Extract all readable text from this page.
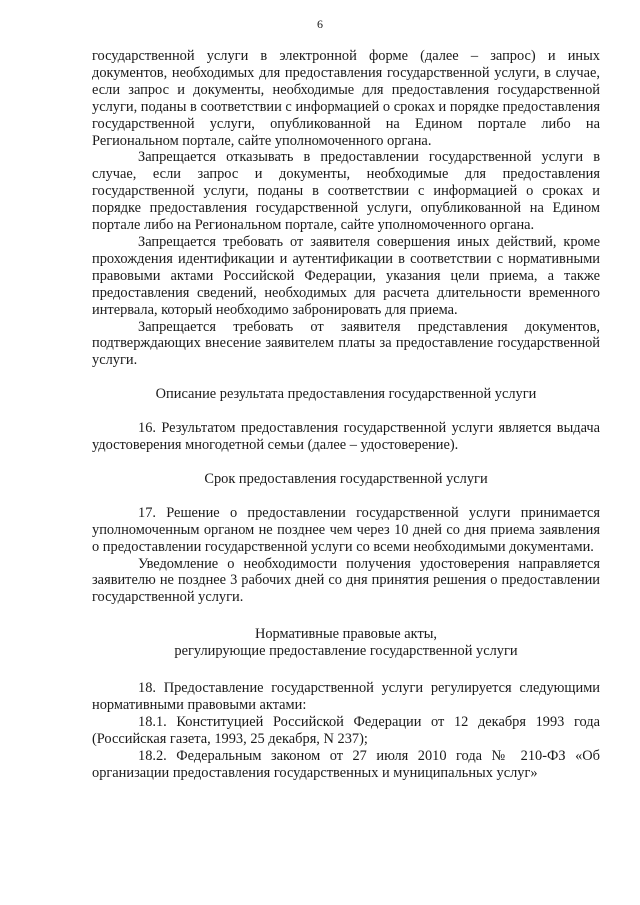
6

государственной услуги в электронной форме (далее – запрос) и иных документов, необходимых для предоставления государственной услуги, в случае, если запрос и документы, необходимые для предоставления государственной услуги, поданы в соответствии с информацией о сроках и порядке предоставления государственной услуги, опубликованной на Едином портале либо на Региональном портале, сайте уполномоченного органа.

Запрещается отказывать в предоставлении государственной услуги в случае, если запрос и документы, необходимые для предоставления государственной услуги, поданы в соответствии с информацией о сроках и порядке предоставления государственной услуги, опубликованной на Едином портале либо на Региональном портале, сайте уполномоченного органа.

Запрещается требовать от заявителя совершения иных действий, кроме прохождения идентификации и аутентификации в соответствии с нормативными правовыми актами Российской Федерации, указания цели приема, а также предоставления сведений, необходимых для расчета длительности временного интервала, который необходимо забронировать для приема.

Запрещается требовать от заявителя представления документов, подтверждающих внесение заявителем платы за предоставление государственной услуги.

Описание результата предоставления государственной услуги

16. Результатом предоставления государственной услуги является выдача удостоверения многодетной семьи (далее – удостоверение).

Срок предоставления государственной услуги

17. Решение о предоставлении государственной услуги принимается уполномоченным органом не позднее чем через 10 дней со дня приема заявления о предоставлении государственной услуги со всеми необходимыми документами.

Уведомление о необходимости получения удостоверения направляется заявителю не позднее 3 рабочих дней со дня принятия решения о предоставлении государственной услуги.

Нормативные правовые акты,

регулирующие предоставление государственной услуги

18. Предоставление государственной услуги регулируется следующими нормативными правовыми актами:

18.1. Конституцией Российской Федерации от 12 декабря 1993 года (Российская газета, 1993, 25 декабря, N 237);

18.2. Федеральным законом от 27 июля 2010 года № 210-ФЗ «Об организации предоставления государственных и муниципальных услуг»
